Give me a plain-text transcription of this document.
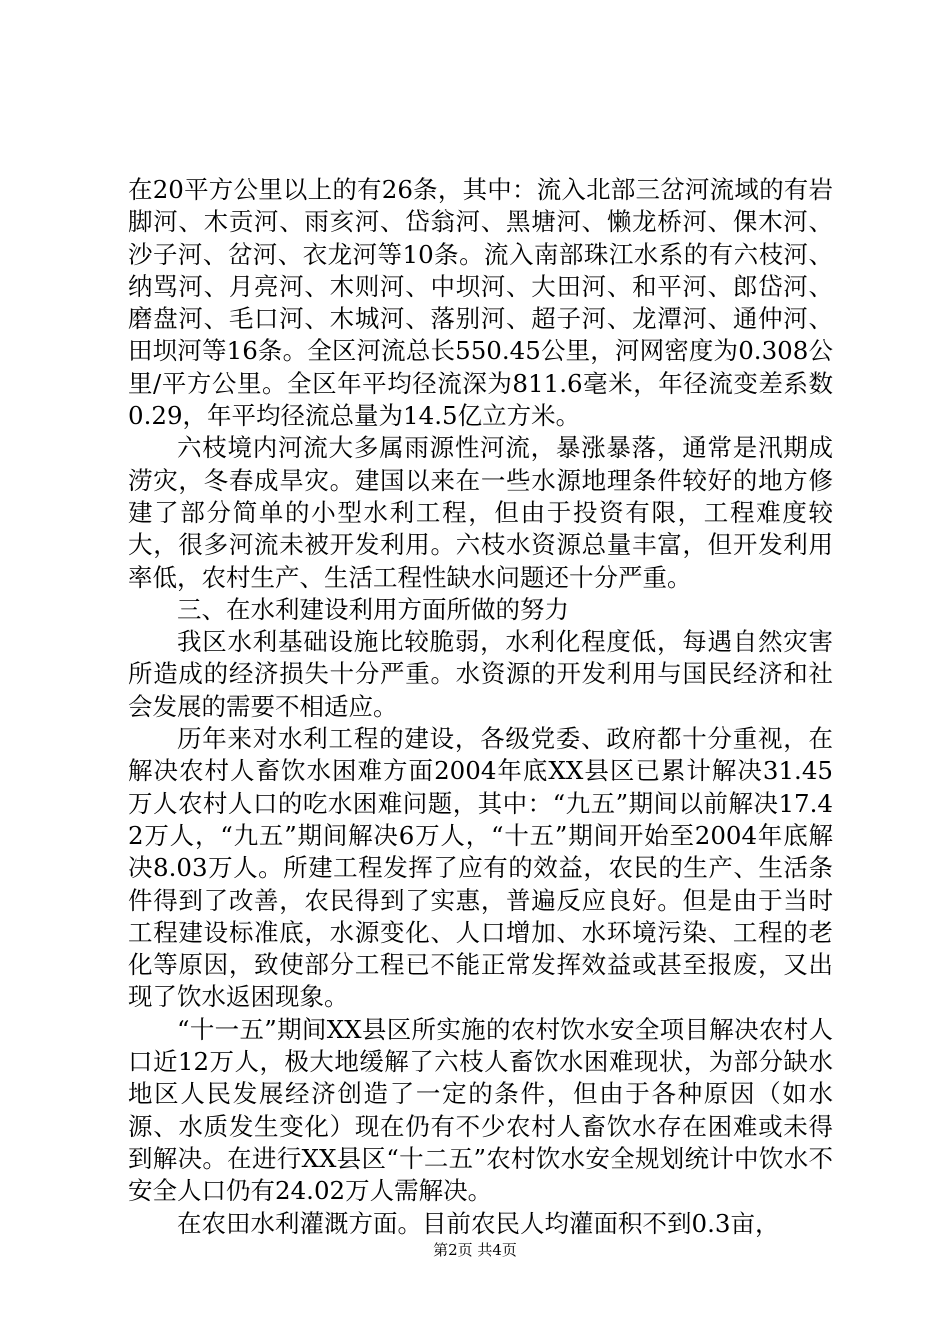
在20平方公里以上的有26条，其中：流入北部三岔河流域的有岩脚河、木贡河、雨亥河、岱翁河、黑塘河、懒龙桥河、倮木河、沙子河、岔河、衣龙河等10条。流入南部珠江水系的有六枝河、纳骂河、月亮河、木则河、中坝河、大田河、和平河、郎岱河、磨盘河、毛口河、木城河、落别河、超子河、龙潭河、通仲河、田坝河等16条。全区河流总长550.45公里，河网密度为0.308公里/平方公里。全区年平均径流深为811.6毫米，年径流变差系数0.29，年平均径流总量为14.5亿立方米。

六枝境内河流大多属雨源性河流，暴涨暴落，通常是汛期成涝灾，冬春成旱灾。建国以来在一些水源地理条件较好的地方修建了部分简单的小型水利工程，但由于投资有限，工程难度较大，很多河流未被开发利用。六枝水资源总量丰富，但开发利用率低，农村生产、生活工程性缺水问题还十分严重。

三、在水利建设利用方面所做的努力

我区水利基础设施比较脆弱，水利化程度低，每遇自然灾害所造成的经济损失十分严重。水资源的开发利用与国民经济和社会发展的需要不相适应。

历年来对水利工程的建设，各级党委、政府都十分重视，在解决农村人畜饮水困难方面2004年底XX县区已累计解决31.45万人农村人口的吃水困难问题，其中：“九五”期间以前解决17.42万人，“九五”期间解决6万人，“十五”期间开始至2004年底解决8.03万人。所建工程发挥了应有的效益，农民的生产、生活条件得到了改善，农民得到了实惠，普遍反应良好。但是由于当时工程建设标准底，水源变化、人口增加、水环境污染、工程的老化等原因，致使部分工程已不能正常发挥效益或甚至报废，又出现了饮水返困现象。

“十一五”期间XX县区所实施的农村饮水安全项目解决农村人口近12万人，极大地缓解了六枝人畜饮水困难现状，为部分缺水地区人民发展经济创造了一定的条件，但由于各种原因（如水源、水质发生变化）现在仍有不少农村人畜饮水存在困难或未得到解决。在进行XX县区“十二五”农村饮水安全规划统计中饮水不安全人口仍有24.02万人需解决。

在农田水利灌溉方面。目前农民人均灌面积不到0.3亩，

第2页 共4页
